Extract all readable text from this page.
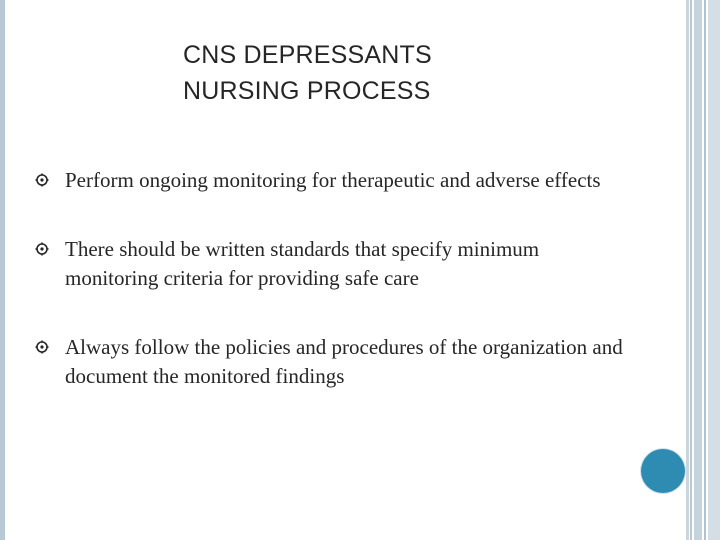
CNS DEPRESSANTS
NURSING PROCESS
Perform ongoing monitoring for therapeutic and adverse effects
There should be written standards that specify minimum monitoring criteria for providing safe care
Always follow the policies and procedures of the organization and document the monitored findings
